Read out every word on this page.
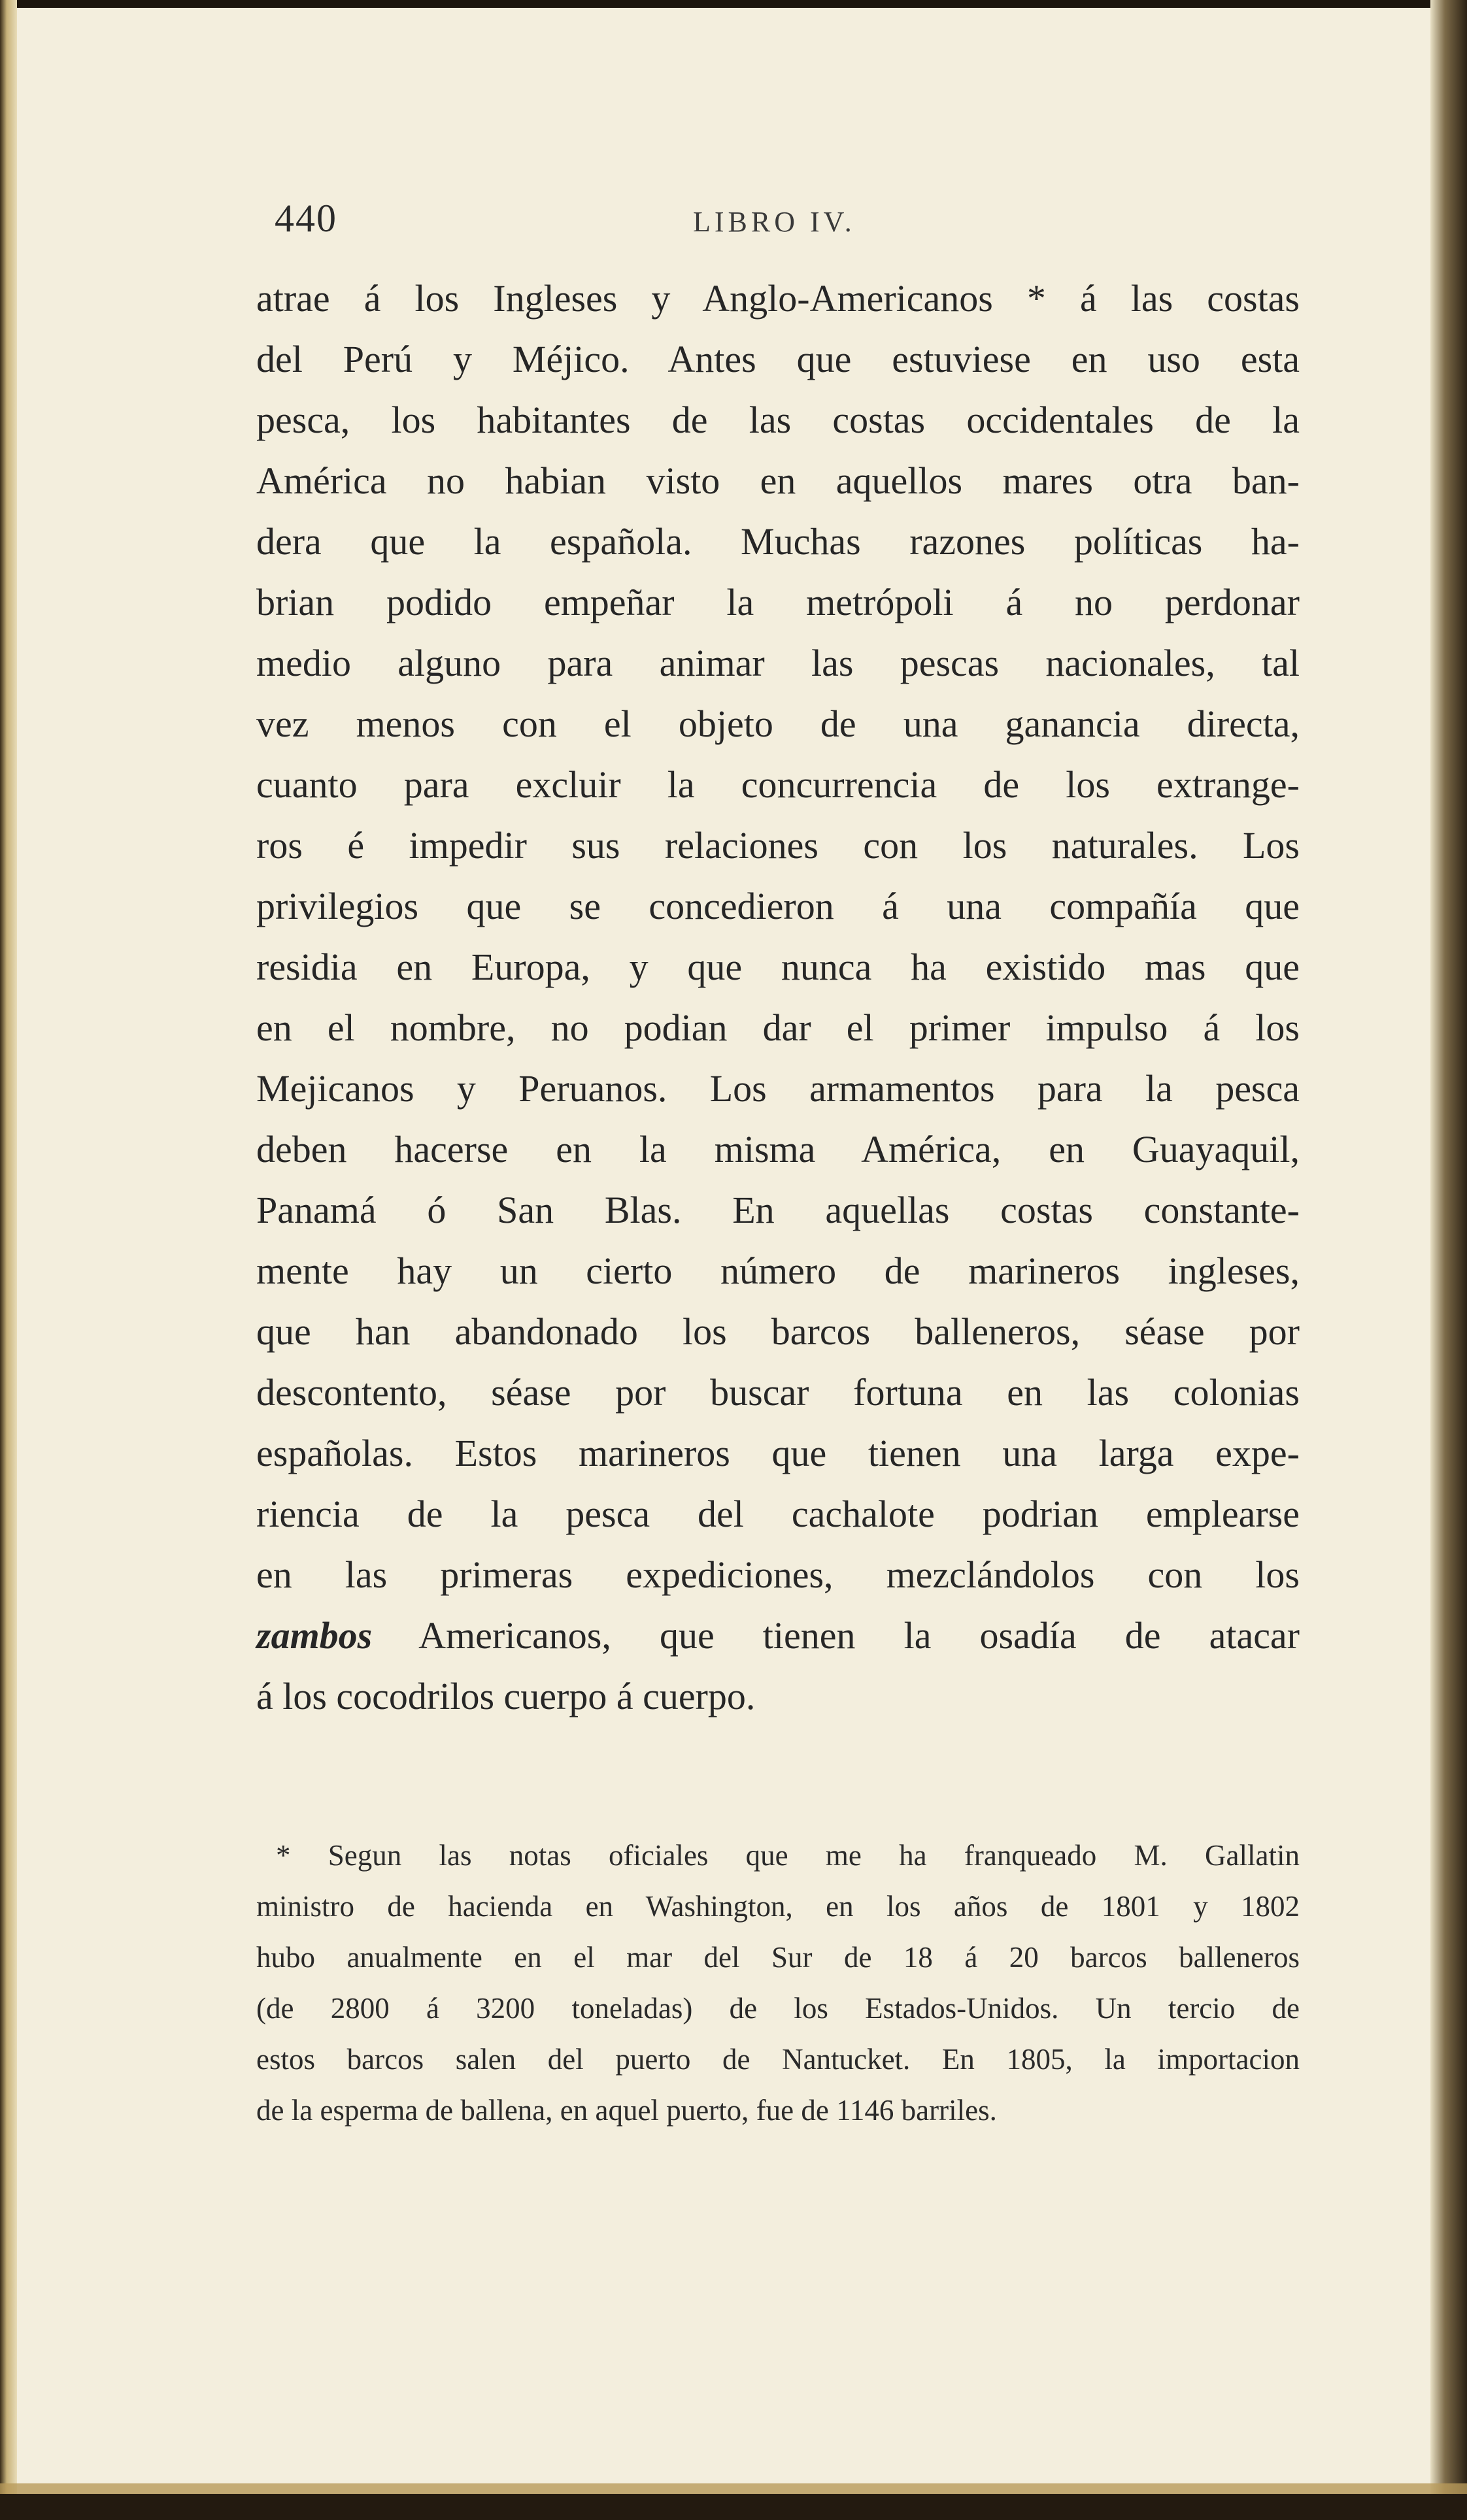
440	LIBRO IV.
atrae á los Ingleses y Anglo-Americanos * á las costas
del Perú y Méjico. Antes que estuviese en uso esta
pesca, los habitantes de las costas occidentales de la
América no habian visto en aquellos mares otra ban-
dera que la española. Muchas razones políticas ha-
brian podido empeñar la metrópoli á no perdonar
medio alguno para animar las pescas nacionales, tal
vez menos con el objeto de una ganancia directa,
cuanto para excluir la concurrencia de los extrange-
ros é impedir sus relaciones con los naturales. Los
privilegios que se concedieron á una compañía que
residia en Europa, y que nunca ha existido mas que
en el nombre, no podian dar el primer impulso á los
Mejicanos y Peruanos. Los armamentos para la pesca
deben hacerse en la misma América, en Guayaquil,
Panamá ó San Blas. En aquellas costas constante-
mente hay un cierto número de marineros ingleses,
que han abandonado los barcos balleneros, séase por
descontento, séase por buscar fortuna en las colonias
españolas. Estos marineros que tienen una larga expe-
riencia de la pesca del cachalote podrian emplearse
en las primeras expediciones, mezclándolos con los
zambos Americanos, que tienen la osadía de atacar
á los cocodrilos cuerpo á cuerpo.
* Segun las notas oficiales que me ha franqueado M. Gallatin
ministro de hacienda en Washington, en los años de 1801 y 1802
hubo anualmente en el mar del Sur de 18 á 20 barcos balleneros
(de 2800 á 3200 toneladas) de los Estados-Unidos. Un tercio de
estos barcos salen del puerto de Nantucket. En 1805, la importacion
de la esperma de ballena, en aquel puerto, fue de 1146 barriles.
